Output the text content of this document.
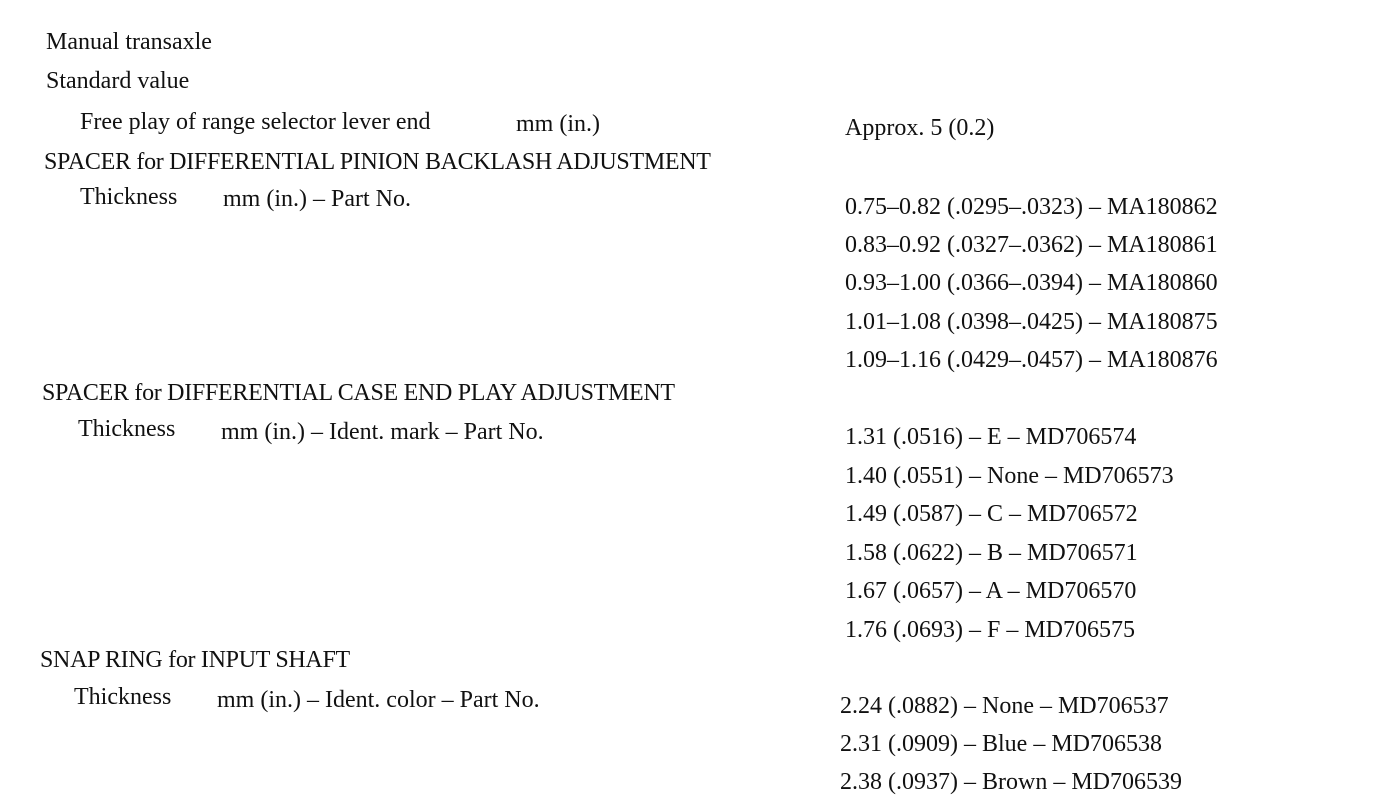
Manual transaxle
Standard value
Free play of range selector lever end	mm (in.)	Approx. 5 (0.2)
SPACER for DIFFERENTIAL PINION BACKLASH ADJUSTMENT
Thickness mm (in.) – Part No.	0.75–0.82 (.0295–.0323) – MA180862
0.83–0.92 (.0327–.0362) – MA180861
0.93–1.00 (.0366–.0394) – MA180860
1.01–1.08 (.0398–.0425) – MA180875
1.09–1.16 (.0429–.0457) – MA180876
SPACER for DIFFERENTIAL CASE END PLAY ADJUSTMENT
Thickness mm (in.) – Ident. mark – Part No.	1.31 (.0516) – E – MD706574
1.40 (.0551) – None – MD706573
1.49 (.0587) – C – MD706572
1.58 (.0622) – B – MD706571
1.67 (.0657) – A – MD706570
1.76 (.0693) – F – MD706575
SNAP RING for INPUT SHAFT
Thickness mm (in.) – Ident. color – Part No.	2.24 (.0882) – None – MD706537
2.31 (.0909) – Blue – MD706538
2.38 (.0937) – Brown – MD706539
